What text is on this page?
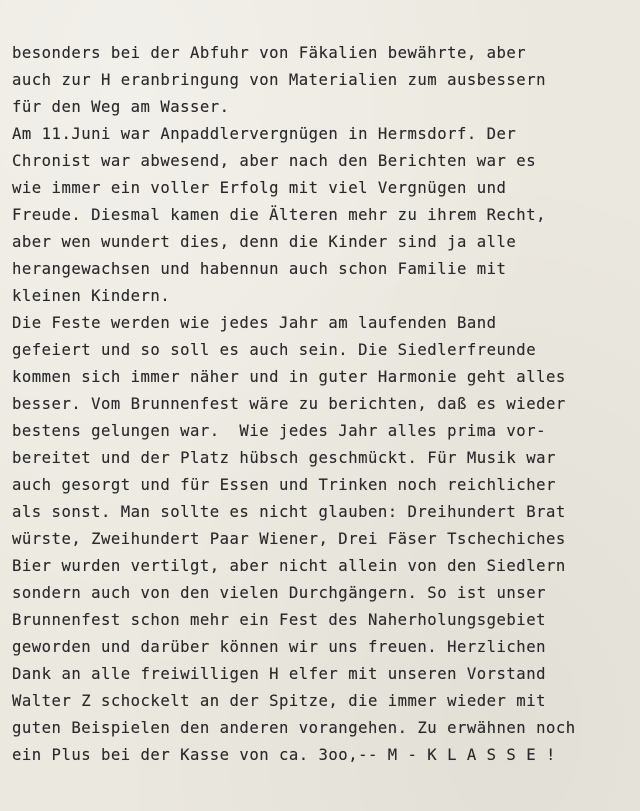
besonders bei der Abfuhr von Fäkalien bewährte, aber
auch zur H eranbringung von Materialien zum ausbessern
für den Weg am Wasser.
Am 11.Juni war Anpaddlervergnügen in Hermsdorf. Der
Chronist war abwesend, aber nach den Berichten war es
wie immer ein voller Erfolg mit viel Vergnügen und
Freude. Diesmal kamen die Älteren mehr zu ihrem Recht,
aber wen wundert dies, denn die Kinder sind ja alle
herangewachsen und habennun auch schon Familie mit
kleinen Kindern.
Die Feste werden wie jedes Jahr am laufenden Band
gefeiert und so soll es auch sein. Die Siedlerfreunde
kommen sich immer näher und in guter Harmonie geht alles
besser. Vom Brunnenfest wäre zu berichten, daß es wieder
bestens gelungen war.  Wie jedes Jahr alles prima vor-
bereitet und der Platz hübsch geschmückt. Für Musik war
auch gesorgt und für Essen und Trinken noch reichlicher
als sonst. Man sollte es nicht glauben: Dreihundert Brat
würste, Zweihundert Paar Wiener, Drei Fäser Tschechiches
Bier wurden vertilgt, aber nicht allein von den Siedlern
sondern auch von den vielen Durchgängern. So ist unser
Brunnenfest schon mehr ein Fest des Naherholungsgebiet
geworden und darüber können wir uns freuen. Herzlichen
Dank an alle freiwilligen H elfer mit unseren Vorstand
Walter Z schockelt an der Spitze, die immer wieder mit
guten Beispielen den anderen vorangehen. Zu erwähnen noch
ein Plus bei der Kasse von ca. 3oo,-- M - K L A S S E !
